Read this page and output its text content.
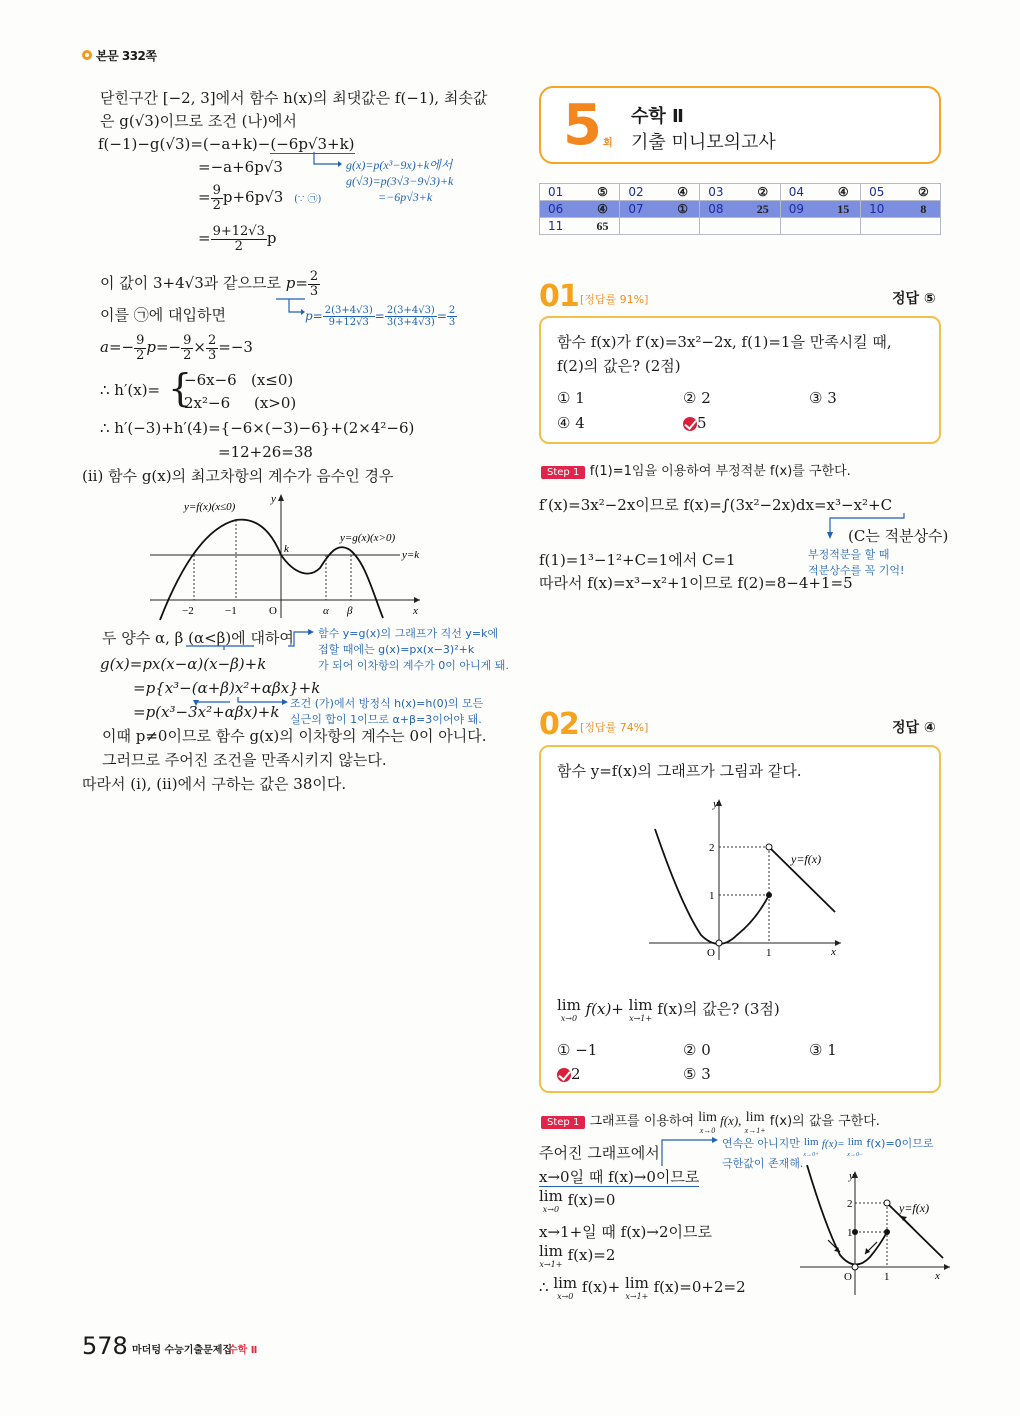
본문 332쪽
닫힌구간 [−2, 3]에서 함수 h(x)의 최댓값은 f(−1), 최솟값
은 g(√3)이므로 조건 (나)에서
f(−1)−g(√3)=(−a+k)−(−6p√3+k)
=−a+6p√3
= $\frac{9}{2} p+6p√3$ (∵ ㉠)
= $\frac{9+12√3}{2}$ p
g(x)=p(x³−9x)+k에서
g(√3)=p(3√3−9√3)+k
=−6p√3+k
이 값이 3+4√3과 같으므로 $p= \frac{2}{3}$
$p= \frac{2(3+4√3)}{9+12√3} = \frac{2(3+4√3)}{3(3+4√3)} = \frac{2}{3}$
이를 ㉠에 대입하면
$a=- \frac{9}{2} p=- \frac{9}{2} \times \frac{2}{3} =-3$
∴ h′(x)= {
−6x−6   (x≤0)
2x²−6     (x>0)
∴ h′(−3)+h′(4)={−6×(−3)−6}+(2×4²−6)
=12+26=38
(ii) 함수 g(x)의 최고차항의 계수가 음수인 경우
y=f(x)(x≤0)
y=g(x)(x>0)
k	y=k
y
x
−2	−1	O	α β
두 양수 α, β (α<β)에 대하여 함수 y=g(x)의 그래프가 직선 y=k에
접할 때에는 g(x)=px(x−3)²+k
가 되어 이차항의 계수가 0이 아니게 돼.
g(x)=px(x−α)(x−β)+k
=p{x³−(α+β)x²+αβx}+k
조건 (가)에서 방정식 h(x)=h(0)의 모든
실근의 합이 1이므로 α+β=3이어야 돼.
=p(x³−3x²+αβx)+k
이때 p≠0이므로 함수 g(x)의 이차항의 계수는 0이 아니다.
그러므로 주어진 조건을 만족시키지 않는다.
따라서 (i), (ii)에서 구하는 값은 38이다.
5 회
수학 Ⅱ
기출 미니모의고사
01	⑤	02	④	03	②	04	④	05	②
06	④	07	①	08	25	09	15	10	8
11	65								
01 [정답률 91%]	정답 ⑤
함수 f(x)가 f′(x)=3x²−2x, f(1)=1을 만족시킬 때,
f(2)의 값은? (2점)
① 1	② 2	③ 3
④ 4	5
Step 1 f(1)=1임을 이용하여 부정적분 f(x)를 구한다.
f′(x)=3x²−2x이므로 f(x)=∫(3x²−2x)dx=x³−x²+C
(C는 적분상수)
부정적분을 할 때
적분상수를 꼭 기억!
f(1)=1³−1²+C=1에서 C=1
따라서 f(x)=x³−x²+1이므로 f(2)=8−4+1=5
02 [정답률 74%]	정답 ④
함수 y=f(x)의 그래프가 그림과 같다.
y
x
y=f(x)
1
2
O	1
lim
x→0
f(x)+ lim
x→1+
f(x)의 값은? (3점)
① −1	② 0	③ 1
2	⑤ 3
Step 1 그래프를 이용하여 lim
x→0
f(x), lim
x→1+
f(x)의 값을 구한다.
주어진 그래프에서
연속은 아니지만 lim
x→0+
f(x)= lim
x→0−
f(x)=0이므로
극한값이 존재해.
x→0일 때 f(x)→0이므로
lim
x→0
f(x)=0
x→1+일 때 f(x)→2이므로
lim
x→1+
f(x)=2
∴ lim
x→0
f(x)+ lim
x→1+
f(x)=0+2=2
y
x
y=f(x)
1
2
O	1
578 마더텅 수능기출문제집
수학 Ⅱ
